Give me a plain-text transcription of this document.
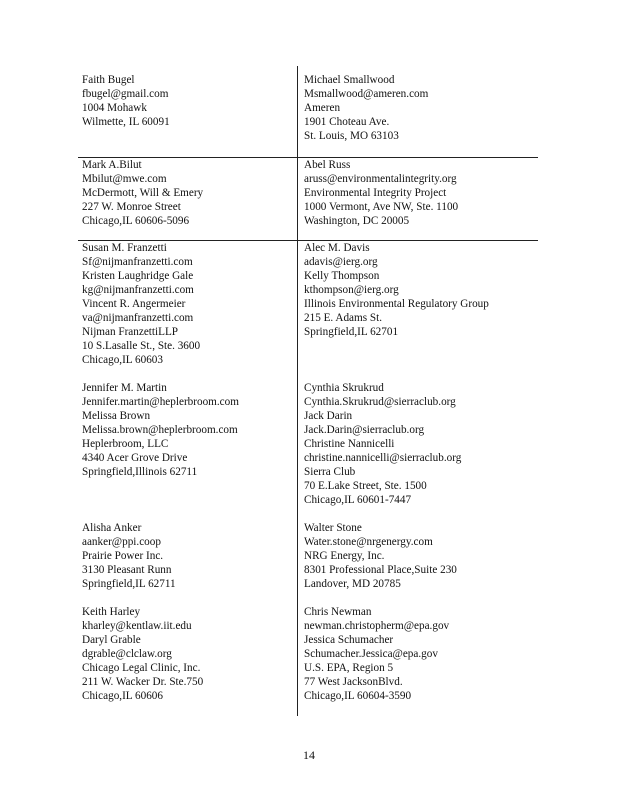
Faith Bugel
fbugel@gmail.com
1004 Mohawk
Wilmette, IL 60091
Michael Smallwood
Msmallwood@ameren.com
Ameren
1901 Choteau Ave.
St. Louis, MO 63103
Mark A.Bilut
Mbilut@mwe.com
McDermott, Will & Emery
227 W. Monroe Street
Chicago,IL 60606-5096
Abel Russ
aruss@environmentalintegrity.org
Environmental Integrity Project
1000 Vermont, Ave NW, Ste. 1100
Washington, DC 20005
Susan M. Franzetti
Sf@nijmanfranzetti.com
Kristen Laughridge Gale
kg@nijmanfranzetti.com
Vincent R. Angermeier
va@nijmanfranzetti.com
Nijman FranzettiLLP
10 S.Lasalle St., Ste. 3600
Chicago,IL 60603
Alec M. Davis
adavis@ierg.org
Kelly Thompson
kthompson@ierg.org
Illinois Environmental Regulatory Group
215 E. Adams St.
Springfield,IL 62701
Jennifer M. Martin
Jennifer.martin@heplerbroom.com
Melissa Brown
Melissa.brown@heplerbroom.com
Heplerbroom, LLC
4340 Acer Grove Drive
Springfield,Illinois 62711
Cynthia Skrukrud
Cynthia.Skrukrud@sierraclub.org
Jack Darin
Jack.Darin@sierraclub.org
Christine Nannicelli
christine.nannicelli@sierraclub.org
Sierra Club
70 E.Lake Street, Ste. 1500
Chicago,IL 60601-7447
Alisha Anker
aanker@ppi.coop
Prairie Power Inc.
3130 Pleasant Runn
Springfield,IL 62711
Walter Stone
Water.stone@nrgenergy.com
NRG Energy, Inc.
8301 Professional Place,Suite 230
Landover, MD 20785
Keith Harley
kharley@kentlaw.iit.edu
Daryl Grable
dgrable@clclaw.org
Chicago Legal Clinic, Inc.
211 W. Wacker Dr. Ste.750
Chicago,IL 60606
Chris Newman
newman.christopherm@epa.gov
Jessica Schumacher
Schumacher.Jessica@epa.gov
U.S. EPA, Region 5
77 West JacksonBlvd.
Chicago,IL 60604-3590
14
